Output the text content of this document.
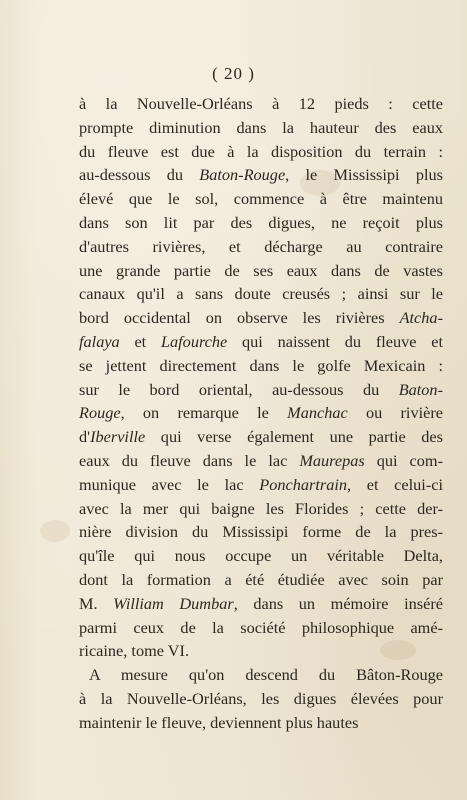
( 20 )
à la Nouvelle-Orléans à 12 pieds : cette
prompte diminution dans la hauteur des eaux
du fleuve est due à la disposition du terrain :
au-dessous du Baton-Rouge, le Mississipi plus
élevé que le sol, commence à être maintenu
dans son lit par des digues, ne reçoit plus
d'autres rivières, et décharge au contraire
une grande partie de ses eaux dans de vastes
canaux qu'il a sans doute creusés ; ainsi sur le
bord occidental on observe les rivières Atcha-
falaya et Lafourche qui naissent du fleuve et
se jettent directement dans le golfe Mexicain :
sur le bord oriental, au-dessous du Baton-
Rouge, on remarque le Manchac ou rivière
d'Iberville qui verse également une partie des
eaux du fleuve dans le lac Maurepas qui com-
munique avec le lac Ponchartrain, et celui-ci
avec la mer qui baigne les Florides ; cette der-
nière division du Mississipi forme de la pres-
qu'île qui nous occupe un véritable Delta,
dont la formation a été étudiée avec soin par
M. William Dumbar, dans un mémoire inséré
parmi ceux de la société philosophique amé-
ricaine, tome VI.
A mesure qu'on descend du Bâton-Rouge
à la Nouvelle-Orléans, les digues élevées pour
maintenir le fleuve, deviennent plus hautes
